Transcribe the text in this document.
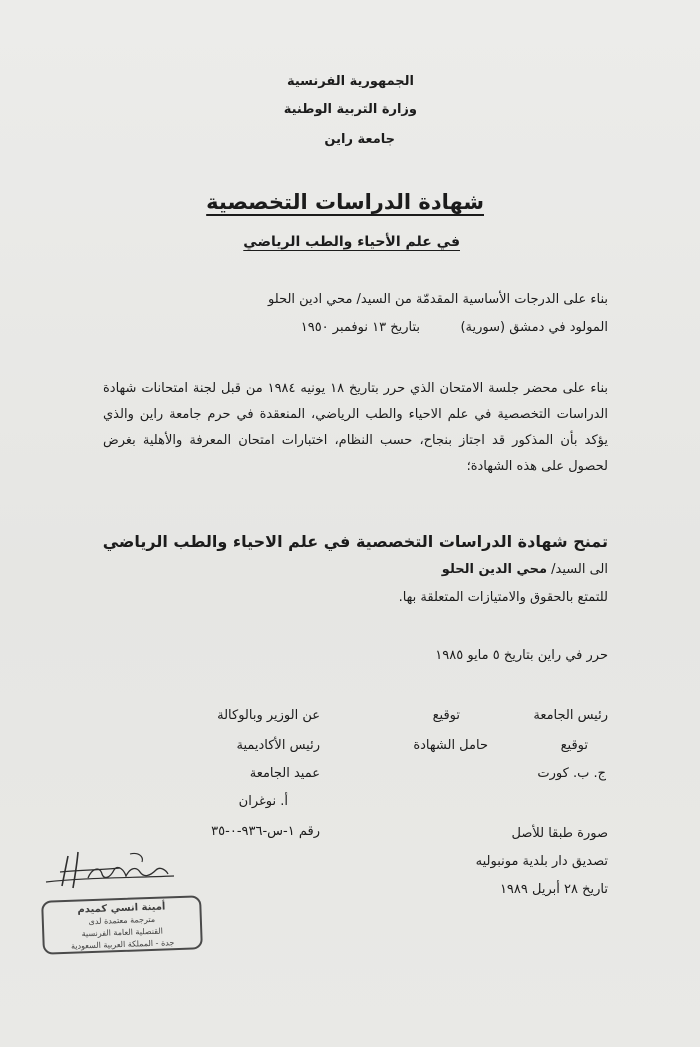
الجمهورية الفرنسية
وزارة التربية الوطنية
جامعة راين
شهادة الدراسات التخصصية
في علم الأحياء والطب الرياضي
بناء على الدرجات الأساسية المقدمّة من السيد/ محي ادين الحلو
المولود في دمشق (سورية)
بتاريخ ١٣ نوفمبر ١٩٥٠
بناء على محضر جلسة الامتحان الذي حرر بتاريخ ١٨ يونيه ١٩٨٤ من قبل لجنة امتحانات شهادة الدراسات التخصصية في علم الاحياء والطب الرياضي، المنعقدة في حرم جامعة راين والذي يؤكد بأن المذكور قد اجتاز بنجاح، حسب النظام، اختبارات امتحان المعرفة والأهلية بغرض لحصول على هذه الشهادة؛
تمنح شهادة الدراسات التخصصية في علم الاحياء والطب الرياضي
الى السيد/ محي الدين الحلو
للتمتع بالحقوق والامتيازات المتعلقة بها.
حرر في راين بتاريخ ٥ مايو ١٩٨٥
رئيس الجامعة
توقيع
ج. ب. كورت
توقيع
حامل الشهادة
عن الوزير وبالوكالة
رئيس الأكاديمية
عميد الجامعة
أ. نوغران
رقم ١-س-٩٣٦-٠-٣٥	صورة طبقا للأصل
تصديق دار بلدية مونبوليه
تاريخ ٢٨ أبريل ١٩٨٩
أمينة انسي كميدم
مترجمة معتمدة لدى
القنصلية العامة الفرنسية
جدة - المملكة العربية السعودية
